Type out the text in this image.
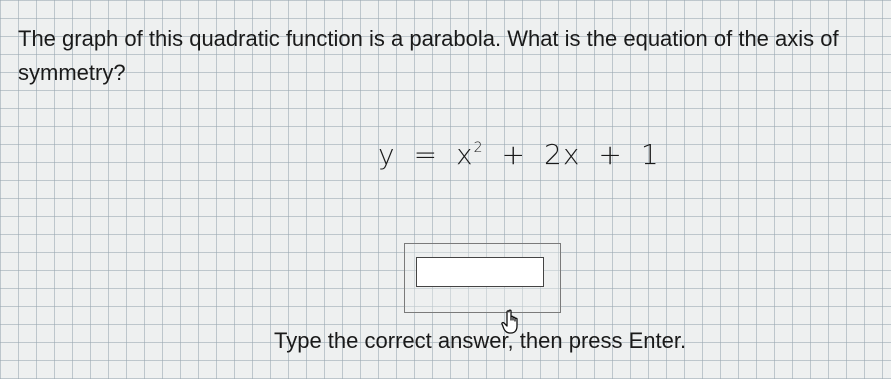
The graph of this quadratic function is a parabola. What is the equation of the axis of symmetry?

$y = x^2 + 2x + 1$

Type the correct answer, then press Enter.
